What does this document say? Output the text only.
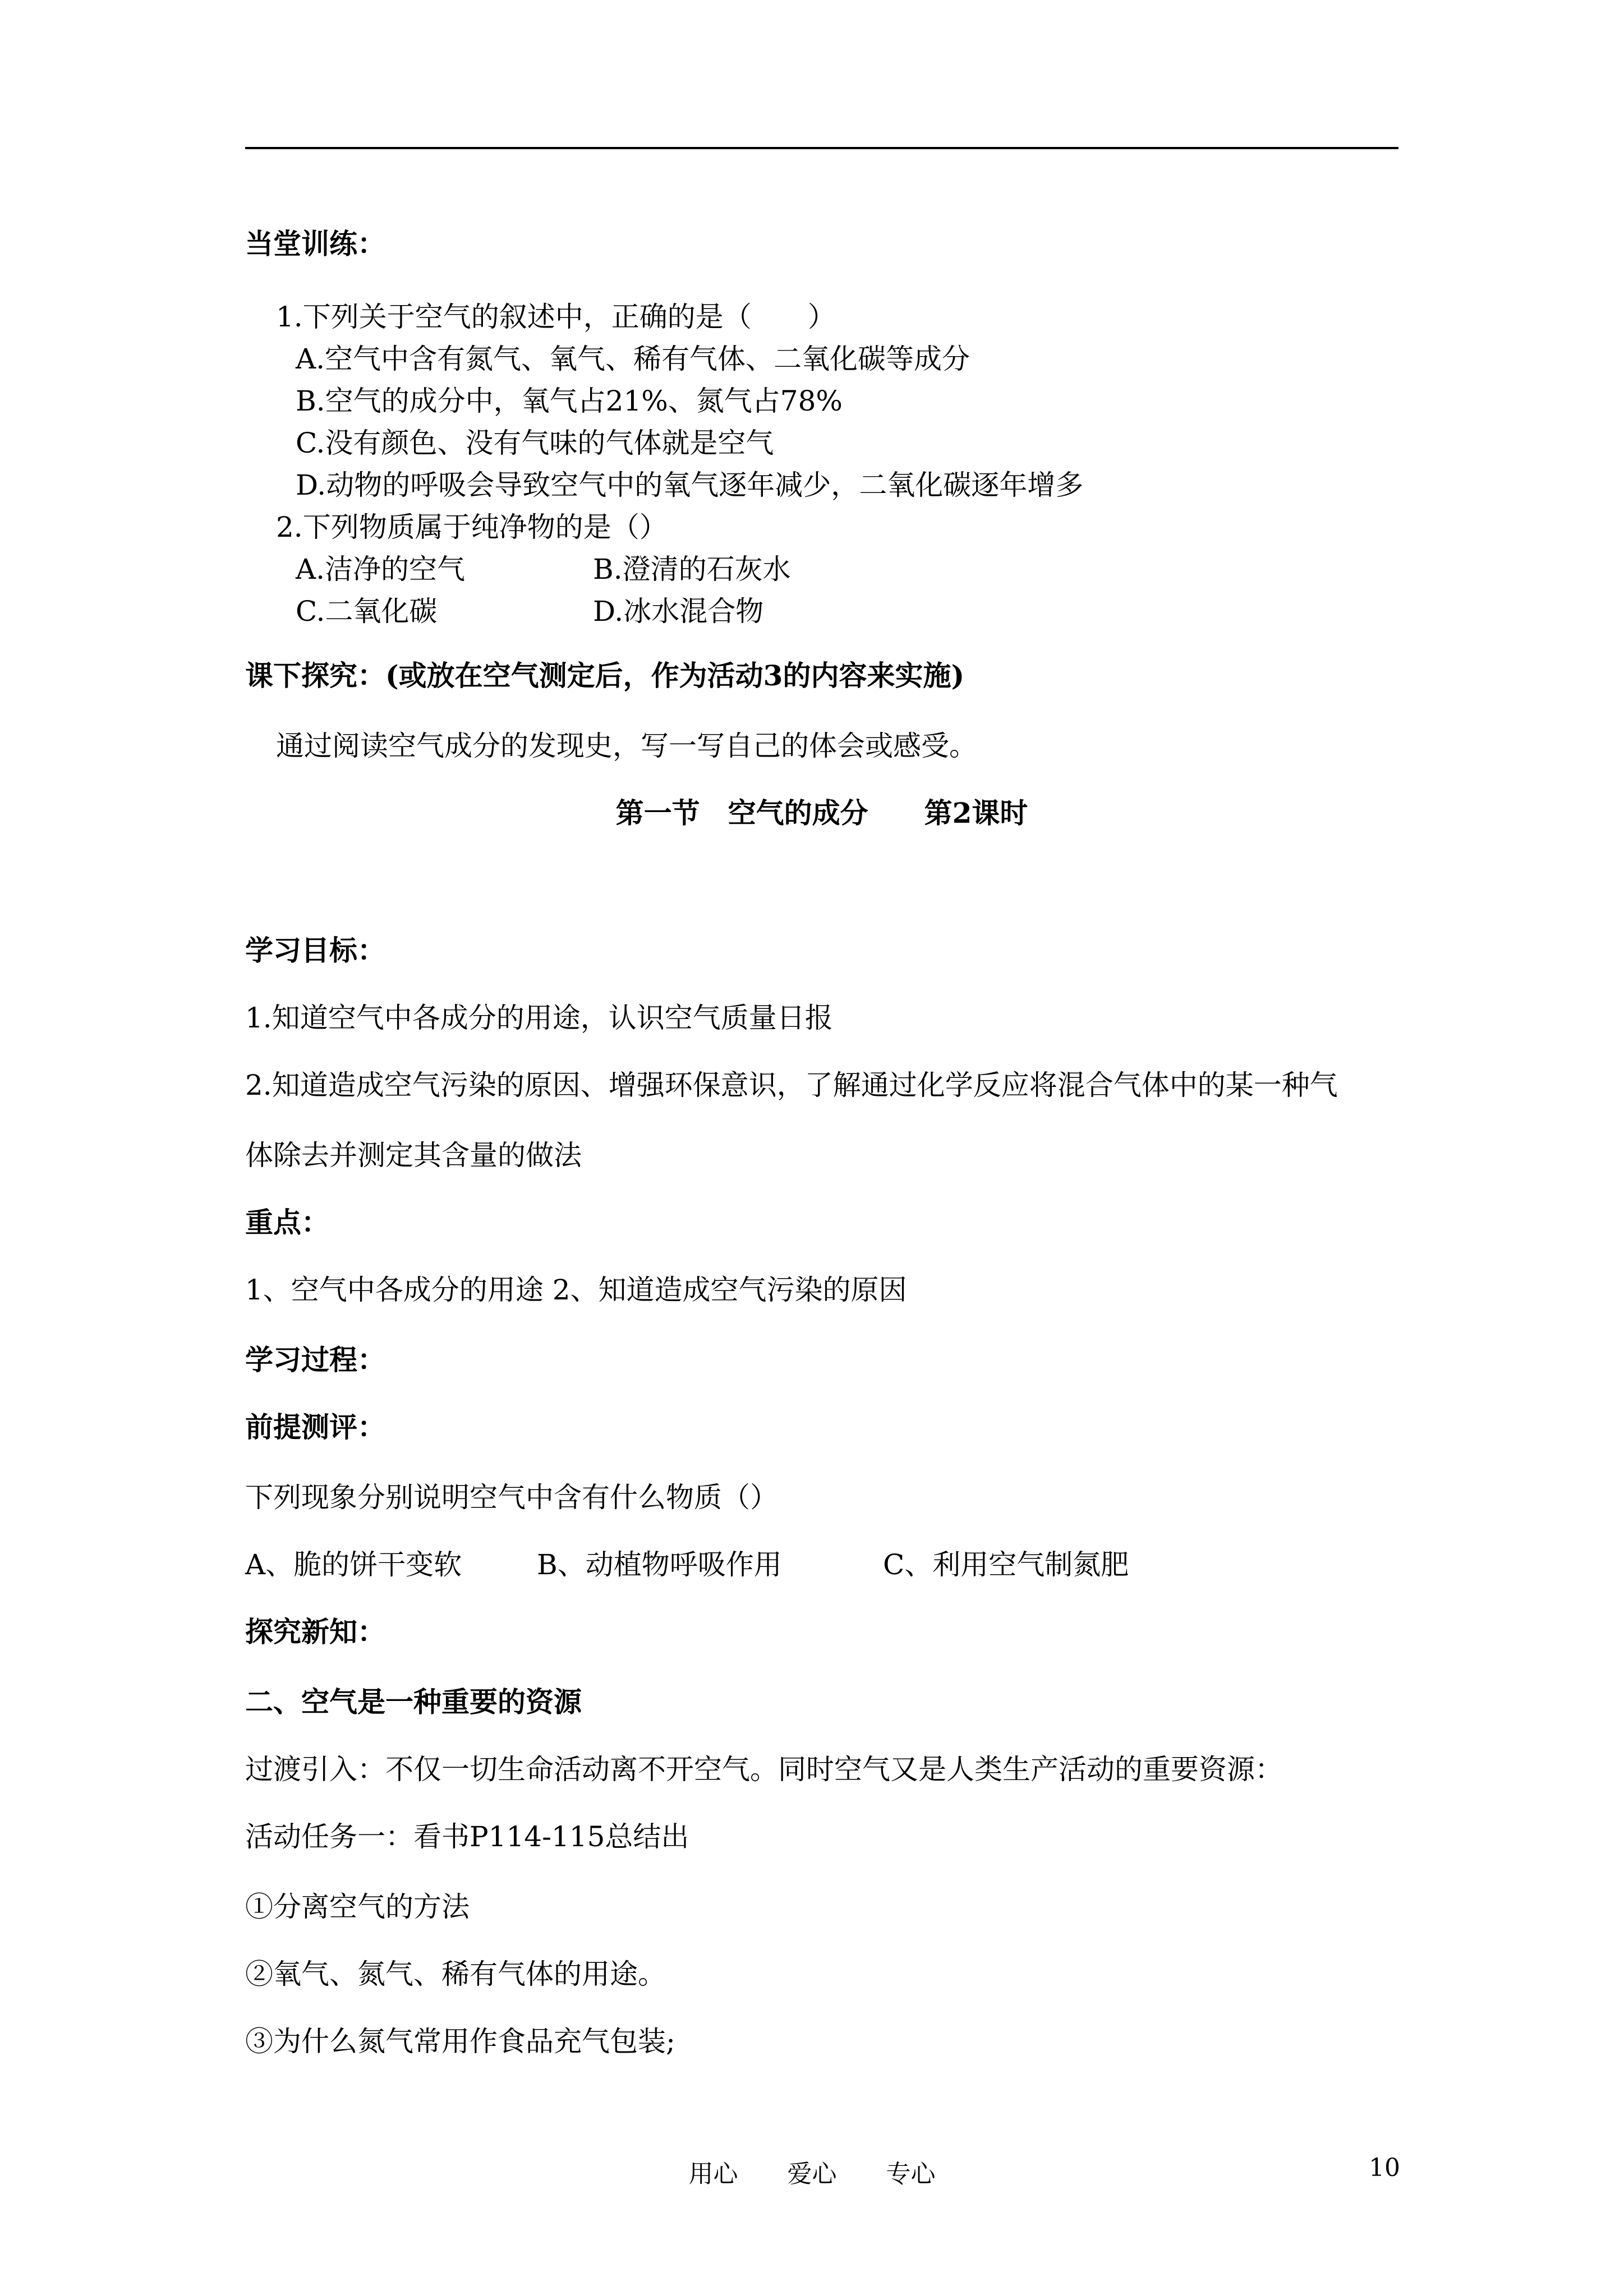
当堂训练：
1.下列关于空气的叙述中，正确的是（　　）
A.空气中含有氮气、氧气、稀有气体、二氧化碳等成分
B.空气的成分中，氧气占21%、氮气占78%
C.没有颜色、没有气味的气体就是空气
D.动物的呼吸会导致空气中的氧气逐年减少，二氧化碳逐年增多
2.下列物质属于纯净物的是（）
A.洁净的空气	B.澄清的石灰水
C.二氧化碳	D.冰水混合物
课下探究：(或放在空气测定后，作为活动3的内容来实施)
通过阅读空气成分的发现史，写一写自己的体会或感受。
第一节　空气的成分 第2课时
学习目标：
1.知道空气中各成分的用途，认识空气质量日报
2.知道造成空气污染的原因、增强环保意识，了解通过化学反应将混合气体中的某一种气
体除去并测定其含量的做法
重点：
1、空气中各成分的用途 2、知道造成空气污染的原因
学习过程：
前提测评：
下列现象分别说明空气中含有什么物质（）
A、脆的饼干变软	B、动植物呼吸作用	C、利用空气制氮肥
探究新知：
二、空气是一种重要的资源
过渡引入：不仅一切生命活动离不开空气。同时空气又是人类生产活动的重要资源：
活动任务一：看书P114-115总结出
①分离空气的方法
②氧气、氮气、稀有气体的用途。
③为什么氮气常用作食品充气包装;
用心　　爱心　　专心	10
